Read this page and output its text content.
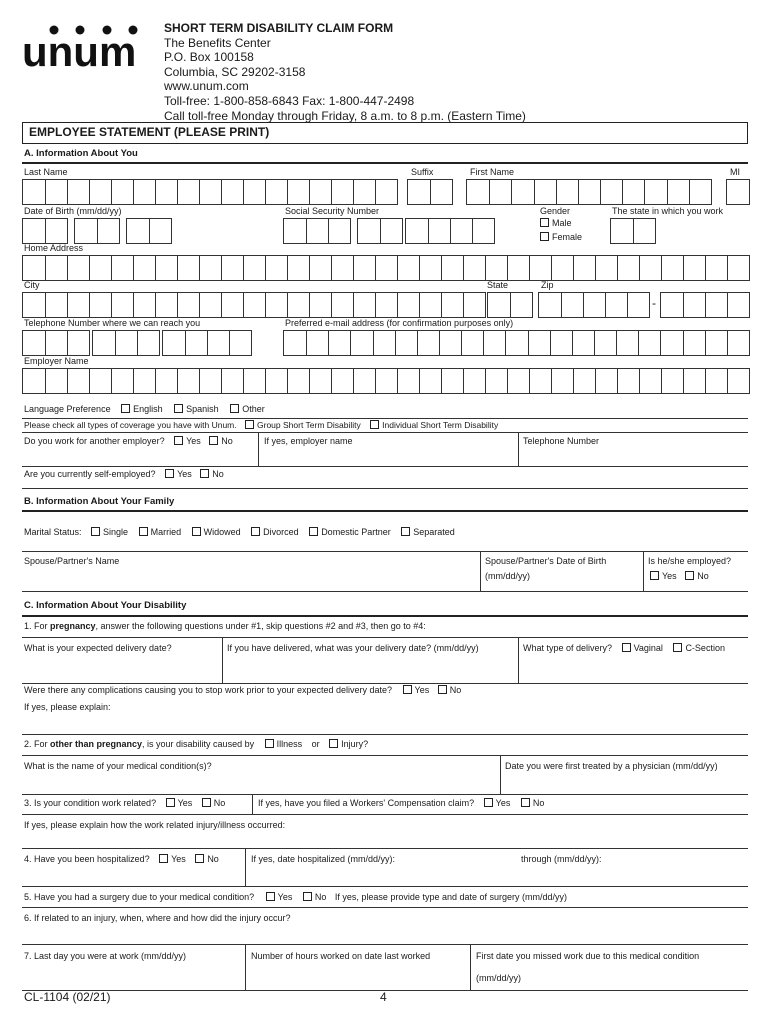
unum SHORT TERM DISABILITY CLAIM FORM
The Benefits Center
P.O. Box 100158
Columbia, SC 29202-3158
www.unum.com
Toll-free: 1-800-858-6843 Fax: 1-800-447-2498
Call toll-free Monday through Friday, 8 a.m. to 8 p.m. (Eastern Time)
EMPLOYEE STATEMENT (PLEASE PRINT)
A. Information About You
Last Name	Suffix	First Name	MI
Date of Birth (mm/dd/yy)	Social Security Number	Gender	The state in which you work
Male
Female
Home Address
City	State	Zip
-
Telephone Number where we can reach you	Preferred e-mail address (for confirmation purposes only)
Employer Name
Language Preference	English	Spanish	Other
Please check all types of coverage you have with Unum. Group Short Term Disability	Individual Short Term Disability
Do you work for another employer? Yes No	If yes, employer name	Telephone Number
Are you currently self-employed? Yes No
B. Information About Your Family
Marital Status: Single	Married	Widowed	Divorced	Domestic Partner	Separated
Spouse/Partner's Name	Spouse/Partner's Date of Birth
(mm/dd/yy)
Is he/she employed?
Yes No
C. Information About Your Disability
1. For pregnancy, answer the following questions under #1, skip questions #2 and #3, then go to #4:
What is your expected delivery date?	If you have delivered, what was your delivery date? (mm/dd/yy)	What type of delivery? Vaginal	C-Section
Were there any complications causing you to stop work prior to your expected delivery date?	Yes No
If yes, please explain:
2. For other than pregnancy, is your disability caused by	Illness or Injury?
What is the name of your medical condition(s)?	Date you were first treated by a physician (mm/dd/yy)
3. Is your condition work related? Yes No	If yes, have you filed a Workers' Compensation claim? Yes	No
If yes, please explain how the work related injury/illness occurred:
4. Have you been hospitalized? Yes No	If yes, date hospitalized (mm/dd/yy):	through (mm/dd/yy):
5. Have you had a surgery due to your medical condition?	Yes	No If yes, please provide type and date of surgery (mm/dd/yy)
6. If related to an injury, when, where and how did the injury occur?
7. Last day you were at work (mm/dd/yy)	Number of hours worked on date last worked	First date you missed work due to this medical condition
(mm/dd/yy)
CL-1104 (02/21)	4
